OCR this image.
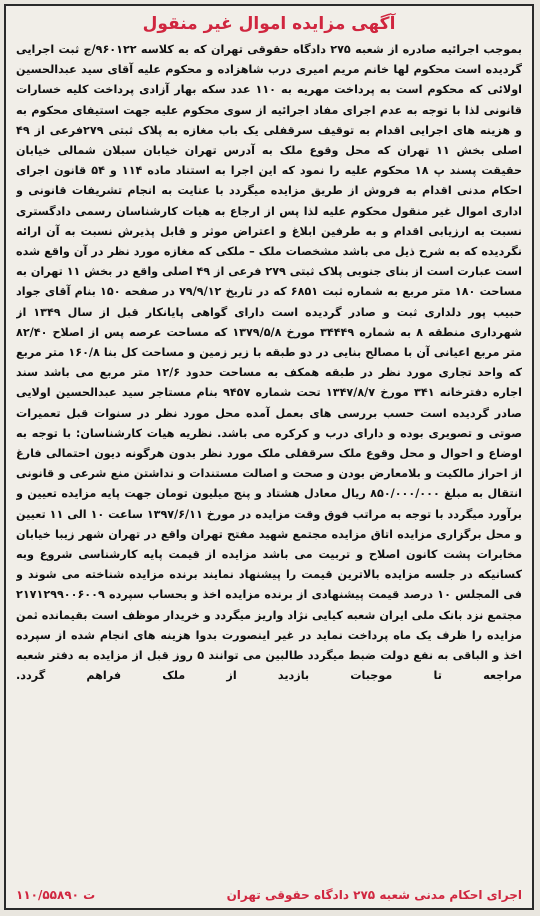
آگهی مزایده اموال غیر منقول

بموجب اجرائیه صادره از شعبه ۲۷۵ دادگاه حقوقی تهران که به کلاسه ۹۶۰۱۲۲/ج ثبت اجرایی گردیده است محکوم لها خانم مریم امیری درب شاهزاده و محکوم علیه آقای سید عبدالحسین اولائی که محکوم است به پرداخت مهریه به ۱۱۰ عدد سکه بهار آزادی پرداخت کلیه خسارات قانونی لذا با توجه به عدم اجرای مفاد اجرائیه از سوی محکوم علیه جهت استیفای محکوم به و هزینه های اجرایی اقدام به توقیف سرقفلی یک باب مغازه به پلاک ثبتی ۲۷۹فرعی از ۴۹ اصلی بخش ۱۱ تهران که محل وقوع ملک به آدرس تهران خیابان سبلان شمالی خیابان حقیقت پسند پ ۱۸ محکوم علیه را نمود که این اجرا به استناد ماده ۱۱۴ و ۵۴ قانون اجرای احکام مدنی اقدام به فروش از طریق مزایده میگردد با عنایت به انجام تشریفات قانونی و اداری اموال غیر منقول محکوم علیه لذا پس از ارجاع به هیات کارشناسان رسمی دادگستری نسبت به ارزیابی اقدام و به طرفین ابلاغ و اعتراض موثر و قابل پذیرش نسبت به آن ارائه نگردیده که به شرح ذیل می باشد مشخصات ملک – ملکی که مغازه مورد نظر در آن واقع شده است عبارت است از بنای جنوبی پلاک ثبتی ۲۷۹ فرعی از ۴۹ اصلی واقع در بخش ۱۱ تهران به مساحت ۱۸۰ متر مربع به شماره ثبت ۶۸۵۱ که در تاریخ ۷۹/۹/۱۲ در صفحه ۱۵۰ بنام آقای جواد حبیب پور دلداری ثبت و صادر گردیده است دارای گواهی پایانکار قبل از سال ۱۳۴۹ از شهرداری منطقه ۸ به شماره ۳۴۴۴۹ مورخ ۱۳۷۹/۵/۸ که مساحت عرصه پس از اصلاح ۸۲/۴۰ متر مربع اعیانی آن با مصالح بنایی در دو طبقه با زیر زمین و مساحت کل بنا ۱۶۰/۸ متر مربع که واحد تجاری مورد نظر در طبقه همکف به مساحت حدود ۱۲/۶ متر مربع می باشد سند اجاره دفترخانه ۳۴۱ مورخ ۱۳۴۷/۸/۷ تحت شماره ۹۴۵۷ بنام مستاجر سید عبدالحسین اولایی صادر گردیده است حسب بررسی های بعمل آمده محل مورد نظر در سنوات قبل تعمیرات صوتی و تصویری بوده و دارای درب و کرکره می باشد. نظریه هیات کارشناسان: با توجه به اوضاع و احوال و محل وقوع ملک سرقفلی ملک مورد نظر بدون هرگونه دیون احتمالی فارغ از احراز مالکیت و بلامعارض بودن و صحت و اصالت مستندات و نداشتن منع شرعی و قانونی انتقال به مبلغ ۸۵۰/۰۰۰/۰۰۰ ریال معادل هشتاد و پنج میلیون تومان جهت پایه مزایده تعیین و برآورد میگردد با توجه به مراتب فوق وقت مزایده در مورخ ۱۳۹۷/۶/۱۱ ساعت ۱۰ الی ۱۱ تعیین و محل برگزاری مزایده اتاق مزایده مجتمع شهید مفتح تهران واقع در تهران شهر زیبا خیابان مخابرات پشت کانون اصلاح و تربیت می باشد مزایده از قیمت پایه کارشناسی شروع وبه کسانیکه در جلسه مزایده بالاترین قیمت را پیشنهاد نمایند برنده مزایده شناخته می شوند و فی المجلس ۱۰ درصد قیمت پیشنهادی از برنده مزایده اخذ و بحساب سپرده ۲۱۷۱۲۹۹۰۰۶۰۰۹ مجتمع نزد بانک ملی ایران شعبه کیایی نژاد واریز میگردد و خریدار موظف است بقیمانده ثمن مزایده را ظرف یک ماه پرداخت نماید در غیر اینصورت بدوا هزینه های انجام شده از سپرده اخذ و الباقی به نفع دولت ضبط میگردد طالبین می توانند ۵ روز قبل از مزایده به دفتر شعبه مراجعه تا موجبات بازدید از ملک فراهم گردد.

اجرای احکام مدنی شعبه ۲۷۵ دادگاه حقوقی تهران
۱۱۰/۵۵۸۹۰ ت
